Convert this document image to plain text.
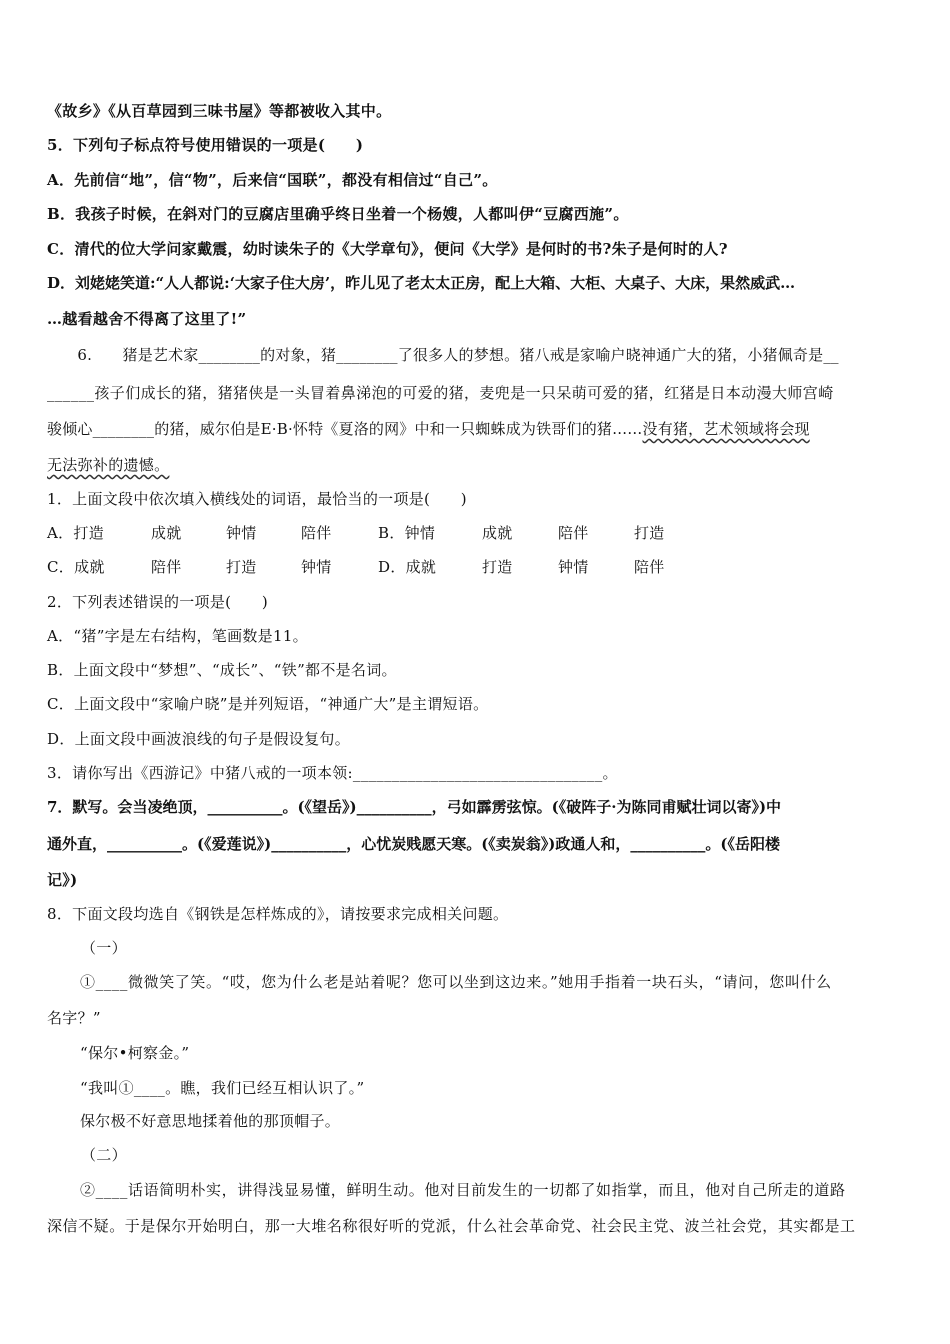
《故乡》《从百草园到三味书屋》等都被收入其中。
5．下列句子标点符号使用错误的一项是(　　)
A．先前信“地”，信“物”，后来信“国联”，都没有相信过“自己”。
B．我孩子时候，在斜对门的豆腐店里确乎终日坐着一个杨嫂，人都叫伊“豆腐西施”。
C．清代的位大学问家戴震，幼时读朱子的《大学章句》，便问《大学》是何时的书?朱子是何时的人?
D．刘姥姥笑道:“人人都说:‘大家子住大房’，昨儿见了老太太正房，配上大箱、大柜、大桌子、大床，果然威武…
…越看越舍不得离了这里了!”
　　6.　　猪是艺术家________的对象，猪________了很多人的梦想。猪八戒是家喻户晓神通广大的猪，小猪佩奇是__
______孩子们成长的猪，猪猪侠是一头冒着鼻涕泡的可爱的猪，麦兜是一只呆萌可爱的猪，红猪是日本动漫大师宫崎
骏倾心________的猪，威尔伯是E·B·怀特《夏洛的网》中和一只蜘蛛成为铁哥们的猪……没有猪，艺术领域将会现
无法弥补的遗憾。
1．上面文段中依次填入横线处的词语，最恰当的一项是(　　)
A．打造	成就	钟情	陪伴	B．钟情	成就	陪伴	打造
C．成就	陪伴	打造	钟情	D．成就	打造	钟情	陪伴
2．下列表述错误的一项是(　　)
A．“猪”字是左右结构，笔画数是11。
B．上面文段中“梦想”、“成长”、“铁”都不是名词。
C．上面文段中“家喻户晓”是并列短语，“神通广大”是主谓短语。
D．上面文段中画波浪线的句子是假设复句。
3．请你写出《西游记》中猪八戒的一项本领:________________________________。
7．默写。会当凌绝顶，__________。(《望岳》)__________，弓如霹雳弦惊。(《破阵子·为陈同甫赋壮词以寄》)中
通外直，__________。(《爱莲说》)__________，心忧炭贱愿天寒。(《卖炭翁》)政通人和，__________。(《岳阳楼
记》)
8．下面文段均选自《钢铁是怎样炼成的》，请按要求完成相关问题。
（一）
①____微微笑了笑。“哎，您为什么老是站着呢？您可以坐到这边来。”她用手指着一块石头，“请问，您叫什么
名字？”
“保尔•柯察金。”
“我叫①____。瞧，我们已经互相认识了。”
保尔极不好意思地揉着他的那顶帽子。
（二）
②____话语简明朴实，讲得浅显易懂，鲜明生动。他对目前发生的一切都了如指掌，而且，他对自己所走的道路
深信不疑。于是保尔开始明白，那一大堆名称很好听的党派，什么社会革命党、社会民主党、波兰社会党，其实都是工
